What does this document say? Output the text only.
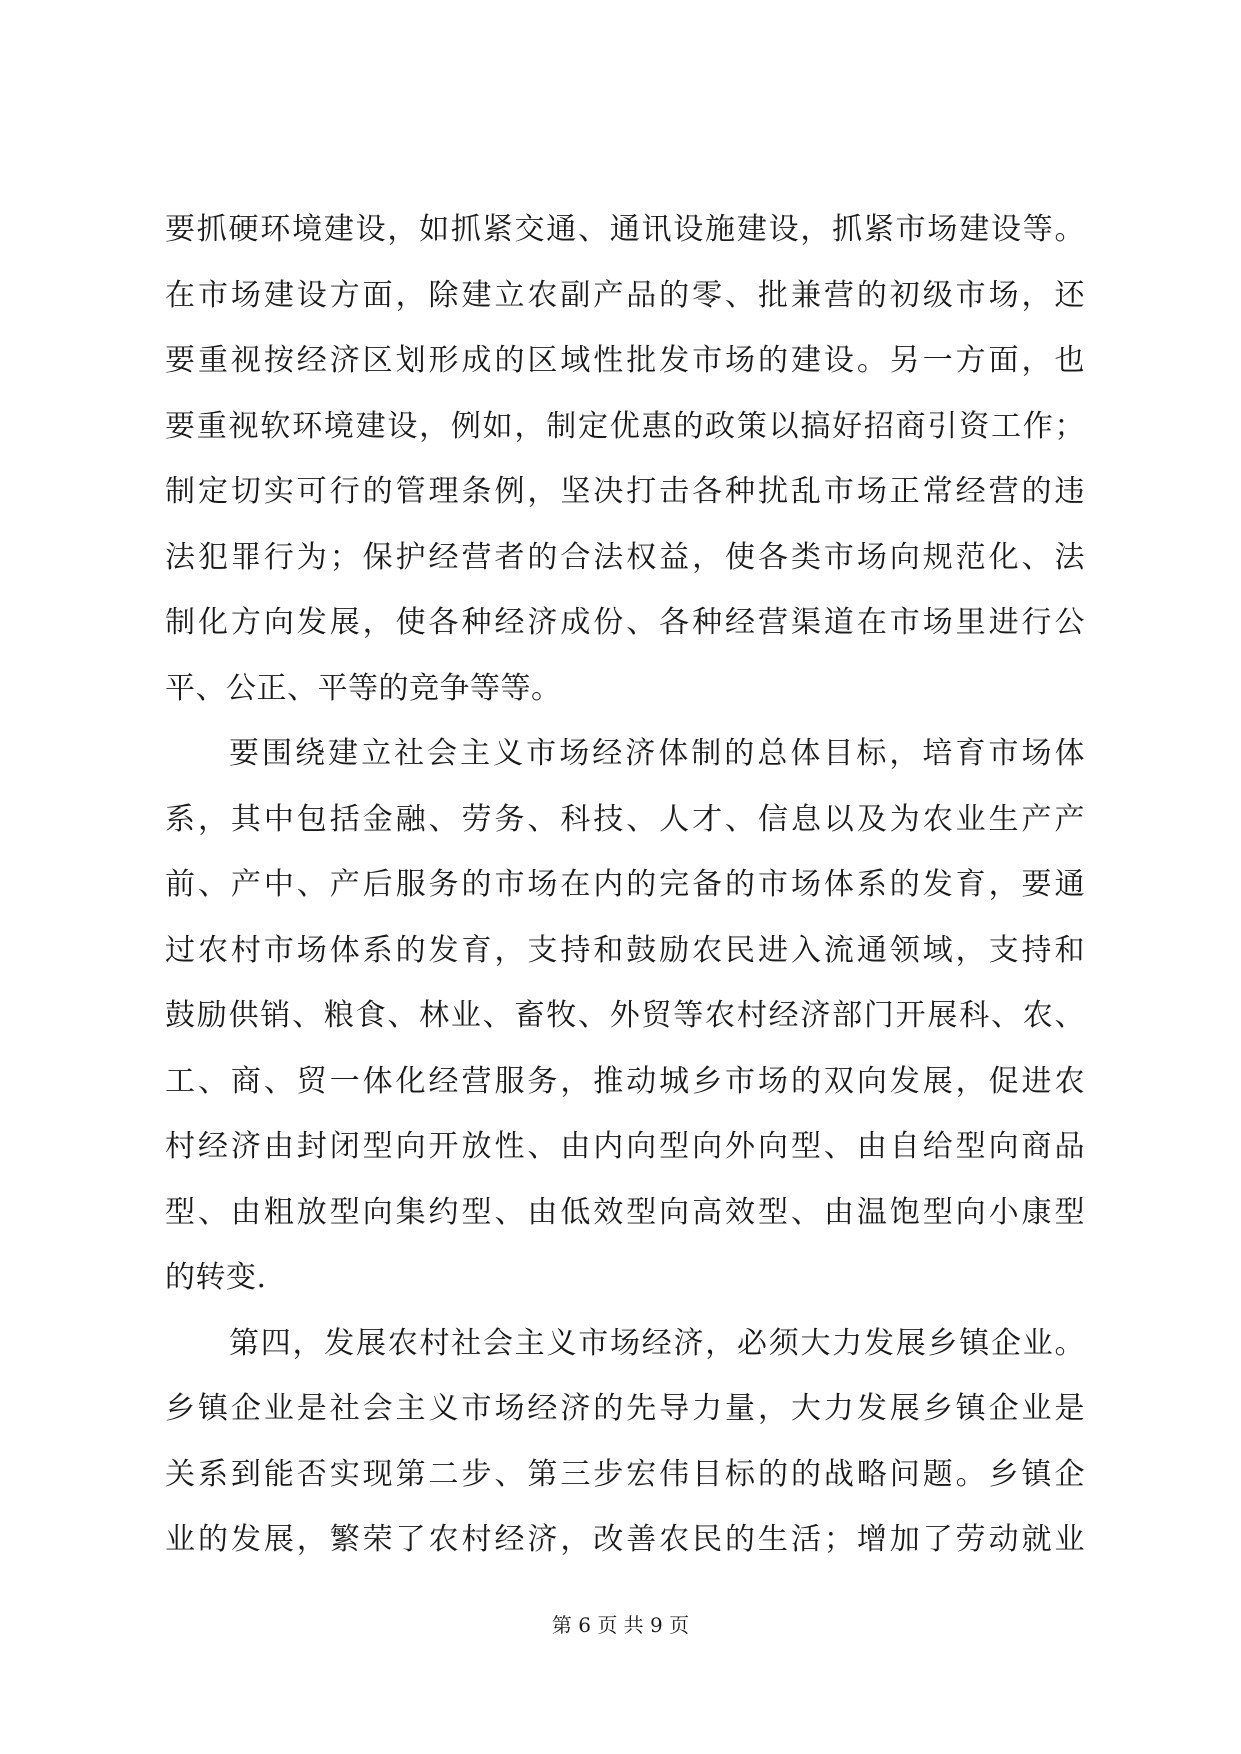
要抓硬环境建设，如抓紧交通、通讯设施建设，抓紧市场建设等。
在市场建设方面，除建立农副产品的零、批兼营的初级市场，还
要重视按经济区划形成的区域性批发市场的建设。另一方面，也
要重视软环境建设，例如，制定优惠的政策以搞好招商引资工作；
制定切实可行的管理条例，坚决打击各种扰乱市场正常经营的违
法犯罪行为；保护经营者的合法权益，使各类市场向规范化、法
制化方向发展，使各种经济成份、各种经营渠道在市场里进行公
平、公正、平等的竞争等等。
要围绕建立社会主义市场经济体制的总体目标，培育市场体
系，其中包括金融、劳务、科技、人才、信息以及为农业生产产
前、产中、产后服务的市场在内的完备的市场体系的发育，要通
过农村市场体系的发育，支持和鼓励农民进入流通领域，支持和
鼓励供销、粮食、林业、畜牧、外贸等农村经济部门开展科、农、
工、商、贸一体化经营服务，推动城乡市场的双向发展，促进农
村经济由封闭型向开放性、由内向型向外向型、由自给型向商品
型、由粗放型向集约型、由低效型向高效型、由温饱型向小康型
的转变.
第四，发展农村社会主义市场经济，必须大力发展乡镇企业。
乡镇企业是社会主义市场经济的先导力量，大力发展乡镇企业是
关系到能否实现第二步、第三步宏伟目标的的战略问题。乡镇企
业的发展，繁荣了农村经济，改善农民的生活；增加了劳动就业
第 6 页 共 9 页
